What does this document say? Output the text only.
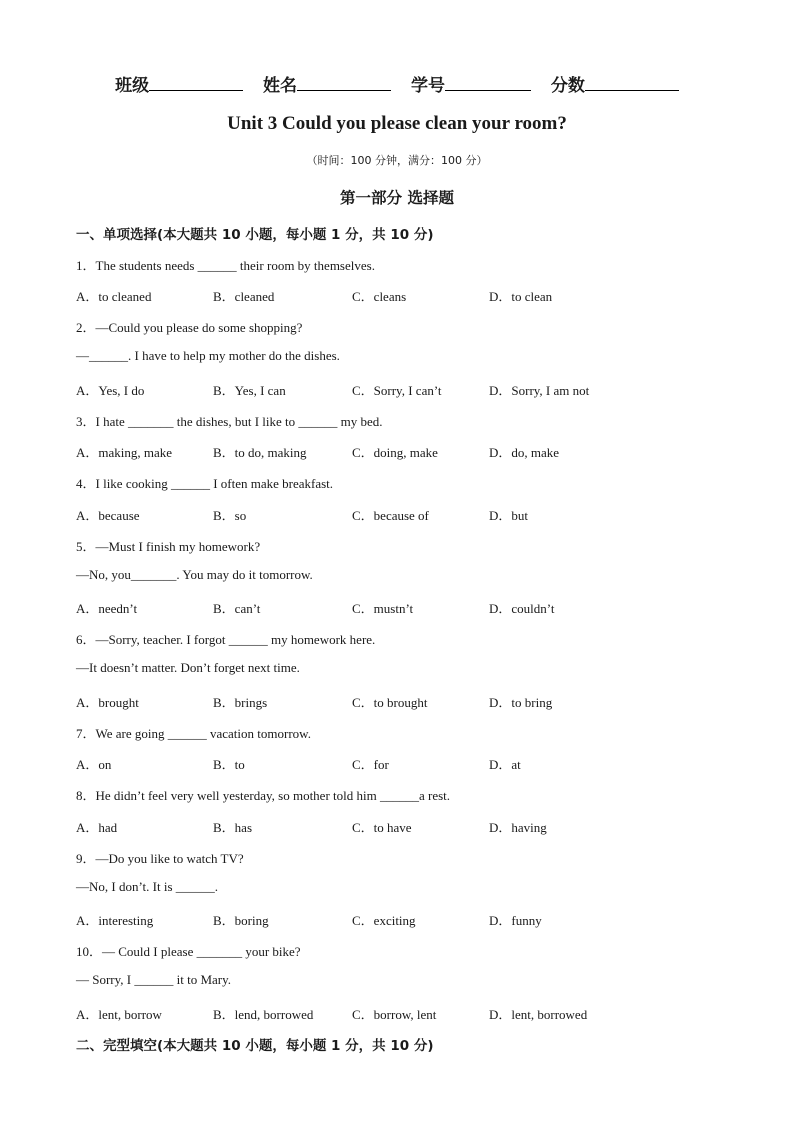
班级	姓名	学号	分数
Unit 3 Could you please clean your room?
（时间：100 分钟，满分：100 分）
第一部分 选择题
一、单项选择(本大题共 10 小题，每小题 1 分，共 10 分)
1．The students needs ______ their room by themselves.
A．to cleaned	B．cleaned	C．cleans	D．to clean
2．—Could you please do some shopping?
—______. I have to help my mother do the dishes.
A．Yes, I do	B．Yes, I can	C．Sorry, I can’t	D．Sorry, I am not
3．I hate _______ the dishes, but I like to ______ my bed.
A．making, make	B．to do, making	C．doing, make	D．do, make
4．I like cooking ______ I often make breakfast.
A．because	B．so	C．because of	D．but
5．—Must I finish my homework?
—No, you_______. You may do it tomorrow.
A．needn’t	B．can’t	C．mustn’t	D．couldn’t
6．—Sorry, teacher. I forgot ______ my homework here.
—It doesn’t matter. Don’t forget next time.
A．brought	B．brings	C．to brought	D．to bring
7．We are going ______ vacation tomorrow.
A．on	B．to	C．for	D．at
8．He didn’t feel very well yesterday, so mother told him ______a rest.
A．had	B．has	C．to have	D．having
9．—Do you like to watch TV?
—No, I don’t. It is ______.
A．interesting	B．boring	C．exciting	D．funny
10．— Could I please _______ your bike?
— Sorry, I ______ it to Mary.
A．lent, borrow	B．lend, borrowed	C．borrow, lent	D．lent, borrowed
二、完型填空(本大题共 10 小题，每小题 1 分，共 10 分)
